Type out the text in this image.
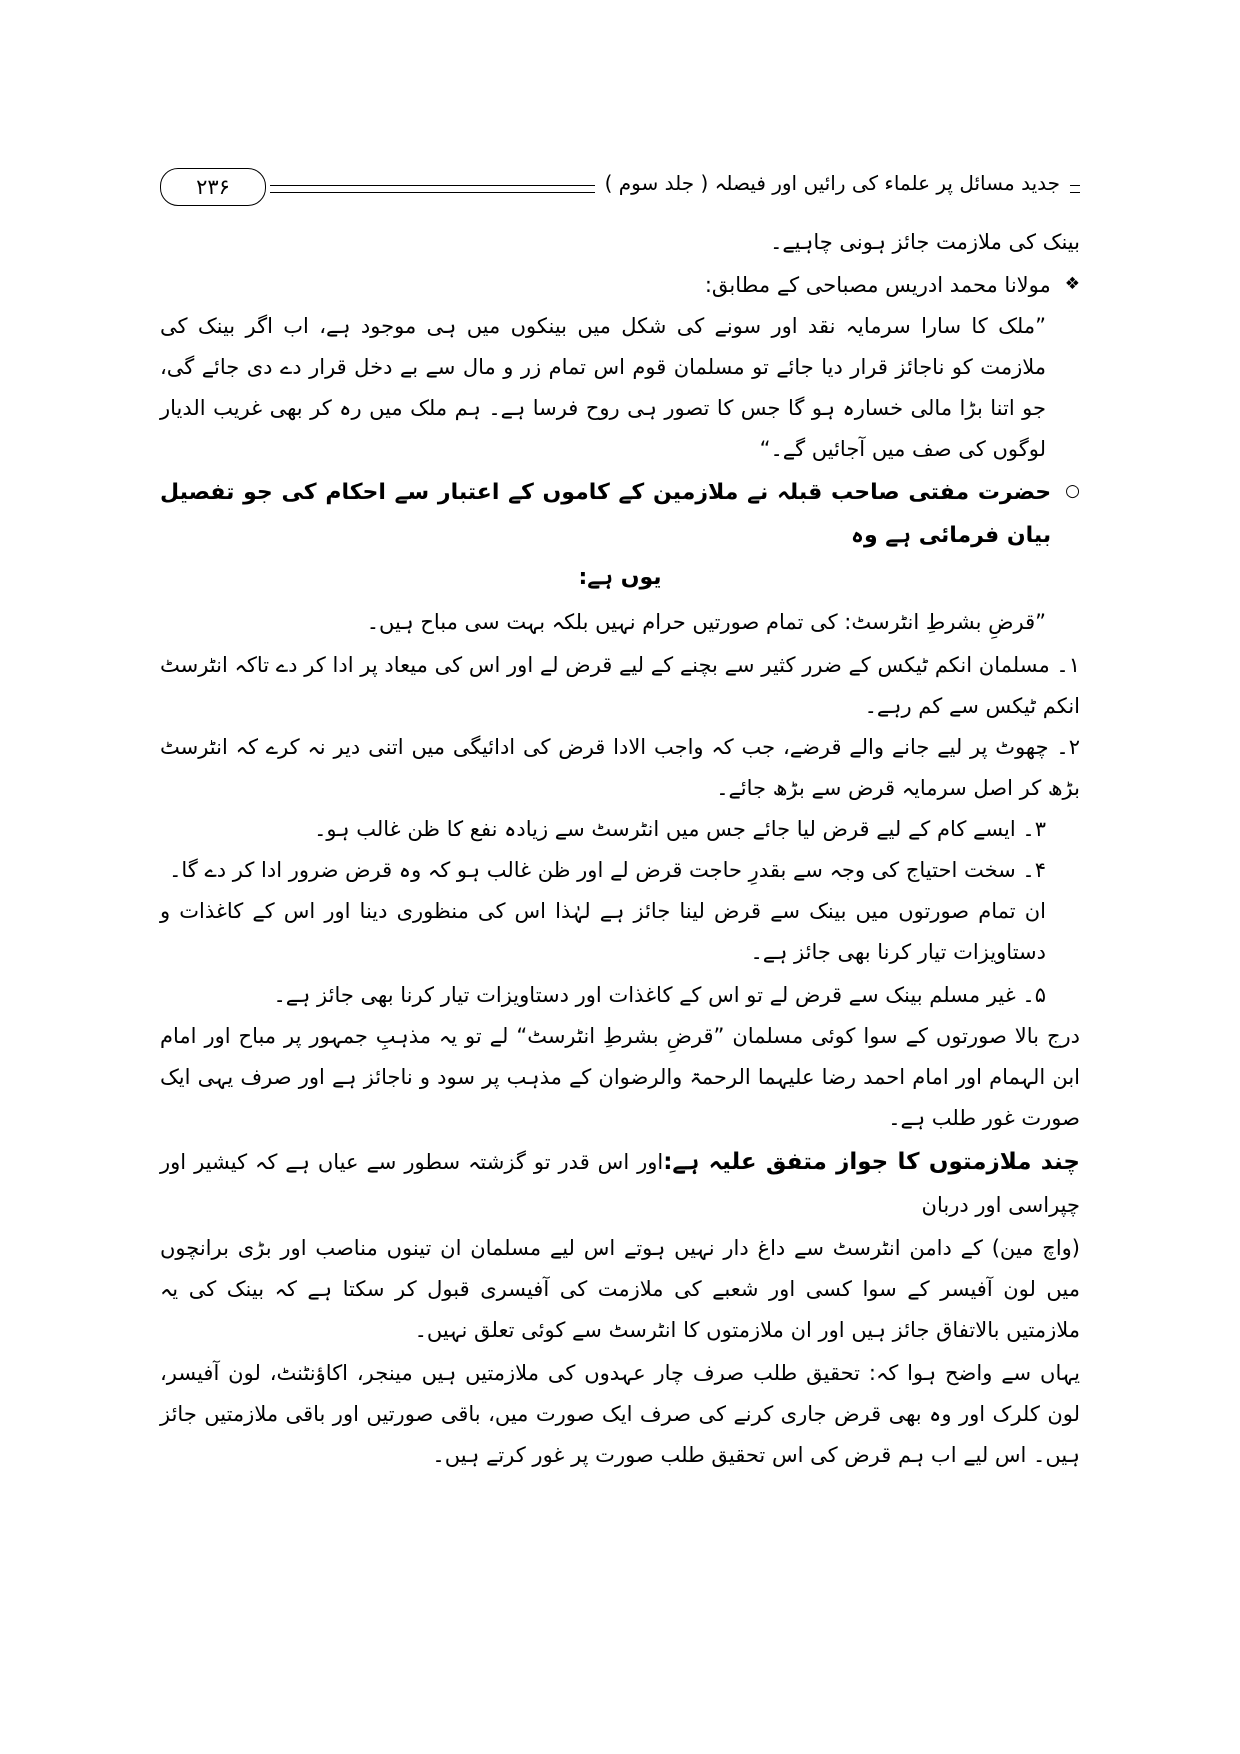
جدید مسائل پر علماء کی رائیں اور فیصلہ ( جلد سوم )
۲۳۶

بینک کی ملازمت جائز ہونی چاہیے۔

❖
مولانا محمد ادریس مصباحی کے مطابق:

”ملک کا سارا سرمایہ نقد اور سونے کی شکل میں بینکوں میں ہی موجود ہے، اب اگر بینک کی ملازمت کو ناجائز قرار دیا جائے تو مسلمان قوم اس تمام زر و مال سے بے دخل قرار دے دی جائے گی، جو اتنا بڑا مالی خسارہ ہو گا جس کا تصور ہی روح فرسا ہے۔ ہم ملک میں رہ کر بھی غریب الدیار لوگوں کی صف میں آجائیں گے۔“

○
حضرت مفتی صاحب قبلہ نے ملازمین کے کاموں کے اعتبار سے احکام کی جو تفصیل بیان فرمائی ہے وہ

یوں ہے:

”قرضِ بشرطِ انٹرسٹ: کی تمام صورتیں حرام نہیں بلکہ بہت سی مباح ہیں۔

۱۔ مسلمان انکم ٹیکس کے ضرر کثیر سے بچنے کے لیے قرض لے اور اس کی میعاد پر ادا کر دے تاکہ انٹرسٹ انکم ٹیکس سے کم رہے۔

۲۔ چھوٹ پر لیے جانے والے قرضے، جب کہ واجب الادا قرض کی ادائیگی میں اتنی دیر نہ کرے کہ انٹرسٹ بڑھ کر اصل سرمایہ قرض سے بڑھ جائے۔

۳۔ ایسے کام کے لیے قرض لیا جائے جس میں انٹرسٹ سے زیادہ نفع کا ظن غالب ہو۔

۴۔ سخت احتیاج کی وجہ سے بقدرِ حاجت قرض لے اور ظن غالب ہو کہ وہ قرض ضرور ادا کر دے گا۔

ان تمام صورتوں میں بینک سے قرض لینا جائز ہے لہٰذا اس کی منظوری دینا اور اس کے کاغذات و دستاویزات تیار کرنا بھی جائز ہے۔

۵۔ غیر مسلم بینک سے قرض لے تو اس کے کاغذات اور دستاویزات تیار کرنا بھی جائز ہے۔

درج بالا صورتوں کے سوا کوئی مسلمان ”قرضِ بشرطِ انٹرسٹ“ لے تو یہ مذہبِ جمہور پر مباح اور امام ابن الہمام اور امام احمد رضا علیہما الرحمۃ والرضوان کے مذہب پر سود و ناجائز ہے اور صرف یہی ایک صورت غور طلب ہے۔

چند ملازمتوں کا جواز متفق علیہ ہے:اور اس قدر تو گزشتہ سطور سے عیاں ہے کہ کیشیر اور چپراسی اور دربان

(واچ مین) کے دامن انٹرسٹ سے داغ دار نہیں ہوتے اس لیے مسلمان ان تینوں مناصب اور بڑی برانچوں میں لون آفیسر کے سوا کسی اور شعبے کی ملازمت کی آفیسری قبول کر سکتا ہے کہ بینک کی یہ ملازمتیں بالاتفاق جائز ہیں اور ان ملازمتوں کا انٹرسٹ سے کوئی تعلق نہیں۔

یہاں سے واضح ہوا کہ: تحقیق طلب صرف چار عہدوں کی ملازمتیں ہیں مینجر، اکاؤنٹنٹ، لون آفیسر، لون کلرک اور وہ بھی قرض جاری کرنے کی صرف ایک صورت میں، باقی صورتیں اور باقی ملازمتیں جائز ہیں۔ اس لیے اب ہم قرض کی اس تحقیق طلب صورت پر غور کرتے ہیں۔
